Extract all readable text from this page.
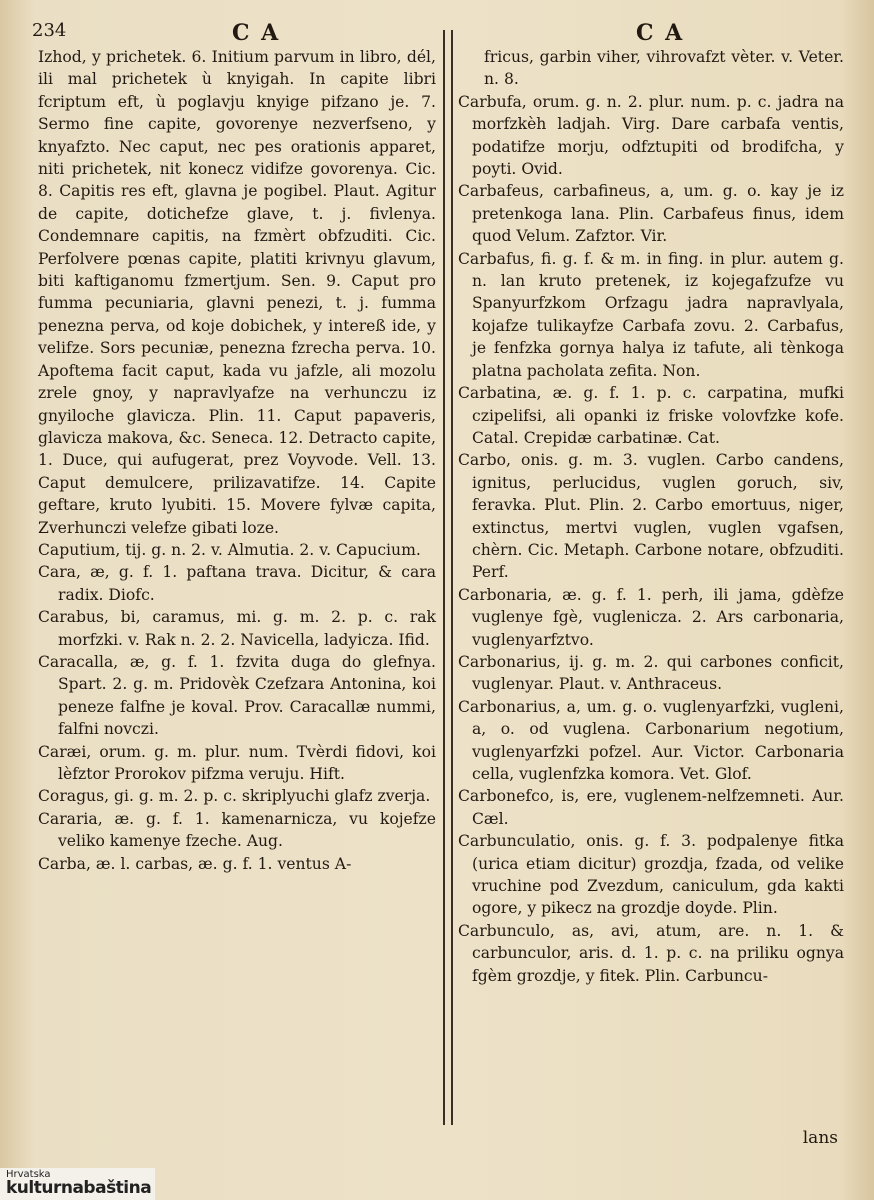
234	C A	C A

Izhod, y prichetek. 6. Initium parvum in libro, dél, ili mal prichetek ù knyigah. In capite libri fcriptum eft, ù poglavju knyige pifzano je. 7. Sermo fine capite, govorenye nezverfseno, y knyafzto. Nec caput, nec pes orationis apparet, niti prichetek, nit konecz vidifze govorenya. Cic. 8. Capitis res eft, glavna je pogibel. Plaut. Agitur de capite, dotichefze glave, t. j. fivlenya. Condemnare capitis, na fzmèrt obfzuditi. Cic. Perfolvere pœnas capite, platiti krivnyu glavum, biti kaftiganomu fzmertjum. Sen. 9. Caput pro fumma pecuniaria, glavni penezi, t. j. fumma penezna perva, od koje dobichek, y intereß ide, y velifze. Sors pecuniæ, penezna fzrecha perva. 10. Apoftema facit caput, kada vu jafzle, ali mozolu zrele gnoy, y napravlyafze na verhunczu iz gnyiloche glavicza. Plin. 11. Caput papaveris, glavicza makova, &c. Seneca. 12. Detracto capite, 1. Duce, qui aufugerat, prez Voyvode. Vell. 13. Caput demulcere, prilizavatifze. 14. Capite geftare, kruto lyubiti. 15. Movere fylvæ capita, Zverhunczi velefze gibati loze.

Caputium, tij. g. n. 2. v. Almutia. 2. v. Capucium.

Cara, æ, g. f. 1. paftana trava. Dicitur, & cara radix. Diofc.

Carabus, bi, caramus, mi. g. m. 2. p. c. rak morfzki. v. Rak n. 2. 2. Navicella, ladyicza. Ifid.

Caracalla, æ, g. f. 1. fzvita duga do glefnya. Spart. 2. g. m. Pridovèk Czefzara Antonina, koi peneze falfne je koval. Prov. Caracallæ nummi, falfni novczi.

Caræi, orum. g. m. plur. num. Tvèrdi fidovi, koi lèfztor Prorokov pifzma veruju. Hift.

Coragus, gi. g. m. 2. p. c. skriplyuchi glafz zverja.

Cararia, æ. g. f. 1. kamenarnicza, vu kojefze veliko kamenye fzeche. Aug.

Carba, æ. l. carbas, æ. g. f. 1. ventus A-

fricus, garbin viher, vihrovafzt vèter. v. Veter. n. 8.

Carbufa, orum. g. n. 2. plur. num. p. c. jadra na morfzkèh ladjah. Virg. Dare carbafa ventis, podatifze morju, odfztupiti od brodifcha, y poyti. Ovid.

Carbafeus, carbafineus, a, um. g. o. kay je iz pretenkoga lana. Plin. Carbafeus finus, idem quod Velum. Zafztor. Vir.

Carbafus, fi. g. f. & m. in fing. in plur. autem g. n. lan kruto pretenek, iz kojegafzufze vu Spanyurfzkom Orfzagu jadra napravlyala, kojafze tulikayfze Carbafa zovu. 2. Carbafus, je fenfzka gornya halya iz tafute, ali tènkoga platna pacholata zefita. Non.

Carbatina, æ. g. f. 1. p. c. carpatina, mufki czipelifsi, ali opanki iz friske volovfzke kofe. Catal. Crepidæ carbatinæ. Cat.

Carbo, onis. g. m. 3. vuglen. Carbo candens, ignitus, perlucidus, vuglen goruch, siv, feravka. Plut. Plin. 2. Carbo emortuus, niger, extinctus, mertvi vuglen, vuglen vgafsen, chèrn. Cic. Metaph. Carbone notare, obfzuditi. Perf.

Carbonaria, æ. g. f. 1. perh, ili jama, gdèfze vuglenye fgè, vuglenicza. 2. Ars carbonaria, vuglenyarfztvo.

Carbonarius, ij. g. m. 2. qui carbones conficit, vuglenyar. Plaut. v. Anthraceus.

Carbonarius, a, um. g. o. vuglenyarfzki, vugleni, a, o. od vuglena. Carbonarium negotium, vuglenyarfzki pofzel. Aur. Victor. Carbonaria cella, vuglenfzka komora. Vet. Glof.

Carbonefco, is, ere, vuglenem-nelfzemneti. Aur. Cæl.

Carbunculatio, onis. g. f. 3. podpalenye fitka (urica etiam dicitur) grozdja, fzada, od velike vruchine pod Zvezdum, caniculum, gda kakti ogore, y pikecz na grozdje doyde. Plin.

Carbunculo, as, avi, atum, are. n. 1. & carbunculor, aris. d. 1. p. c. na priliku ognya fgèm grozdje, y fitek. Plin. Carbuncu-

lans
Hrvatska
kulturnabaština
